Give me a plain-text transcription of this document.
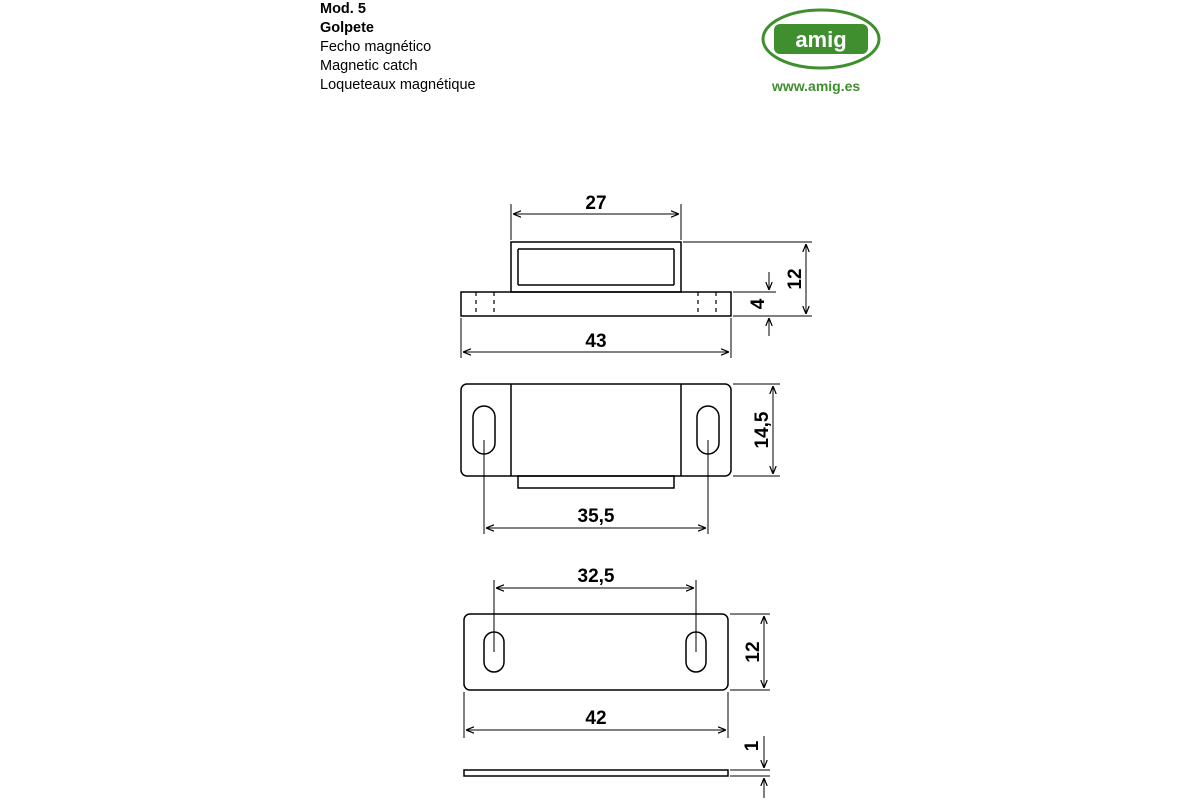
Mod. 5
Golpete
Fecho magnético
Magnetic catch
Loqueteaux magnétique
amig
www.amig.es
27
43
12
4
14,5
35,5
32,5
12
42
1
